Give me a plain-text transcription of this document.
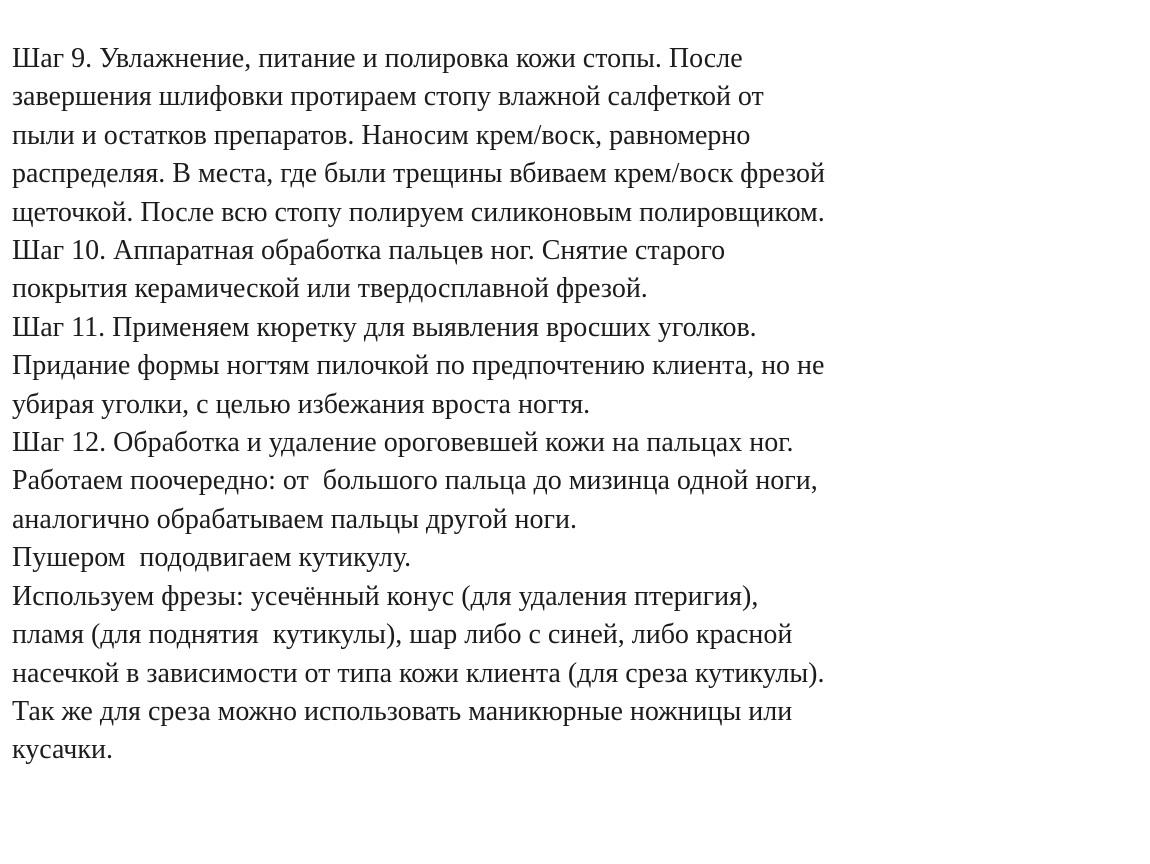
Шаг 9. Увлажнение, питание и полировка кожи стопы. После
завершения шлифовки протираем стопу влажной салфеткой от
пыли и остатков препаратов. Наносим крем/воск, равномерно
распределяя. В места, где были трещины вбиваем крем/воск фрезой
щеточкой. После всю стопу полируем силиконовым полировщиком.
Шаг 10. Аппаратная обработка пальцев ног. Снятие старого
покрытия керамической или твердосплавной фрезой.
Шаг 11. Применяем кюретку для выявления вросших уголков.
Придание формы ногтям пилочкой по предпочтению клиента, но не
убирая уголки, с целью избежания вроста ногтя.
Шаг 12. Обработка и удаление ороговевшей кожи на пальцах ног.
Работаем поочередно: от  большого пальца до мизинца одной ноги,
аналогично обрабатываем пальцы другой ноги.
Пушером  пододвигаем кутикулу.
Используем фрезы: усечённый конус (для удаления птеригия),
пламя (для поднятия  кутикулы), шар либо с синей, либо красной
насечкой в зависимости от типа кожи клиента (для среза кутикулы).
Так же для среза можно использовать маникюрные ножницы или
кусачки.
